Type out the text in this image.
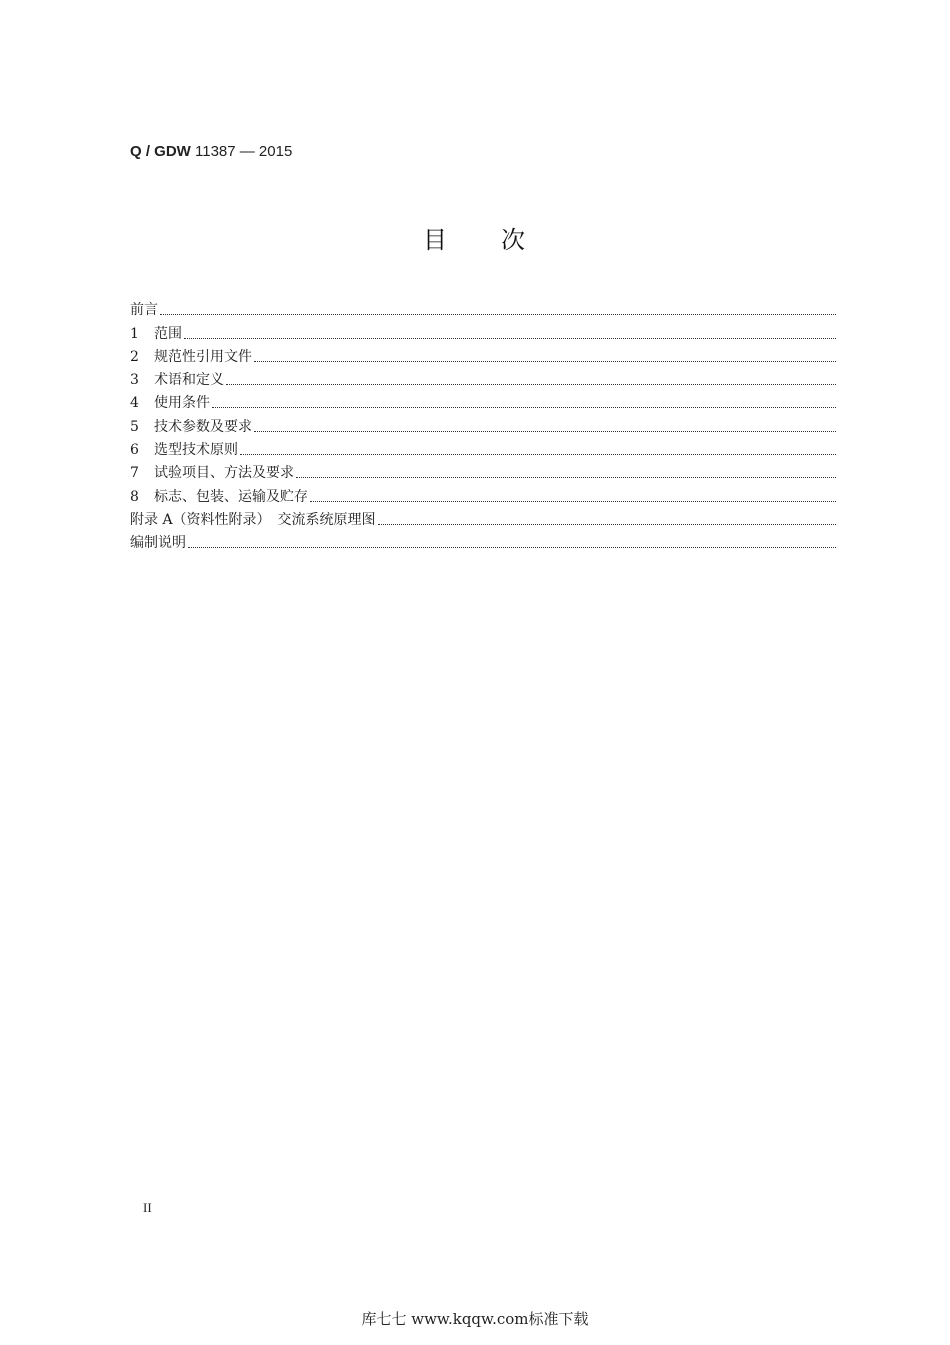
Q / GDW 11387 — 2015
目 次
前言
1	范围
2	规范性引用文件
3	术语和定义
4	使用条件
5	技术参数及要求
6	选型技术原则
7	试验项目、方法及要求
8	标志、包装、运输及贮存
附录 A（资料性附录）　交流系统原理图
编制说明
II
库七七 www.kqqw.com标准下载
